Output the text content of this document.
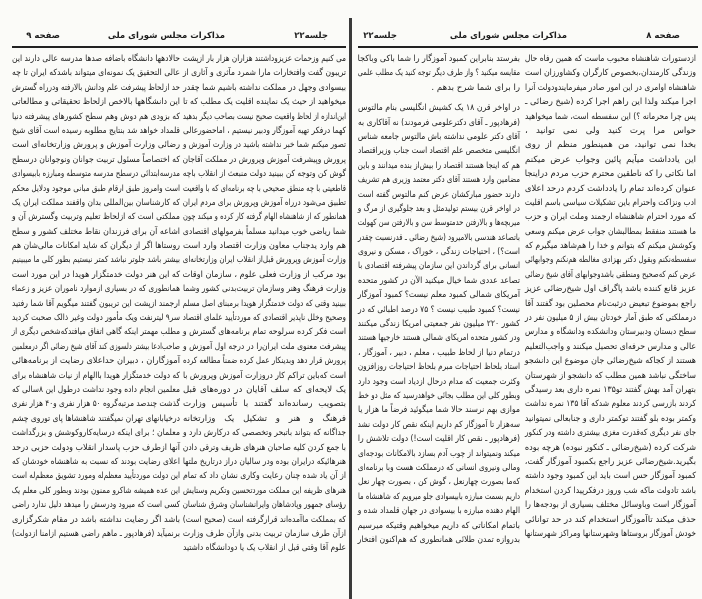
جلسه۲۲
مذاکرات مجلس شورای ملی
صفحه ۹
می کنیم وزحمات عزیزوداشتند هزاران هزار بار ازپشت
تریبون گفت وافتخارات مارا شمرد مآثری و آثاری از
بیسوادی وجهل در مملکت نداشته باشیم شما چقدر
میخواهید از حیث یک نماینده اقلیت یک مطلب که تا
این‌اندازه از لحاظ واقعیت صحیح نیست بصاحب دیگر بدهید
کهما درفکر تهیه آموزگار ودبیر نیستیم ، اماحضورعالی
تصور میکنم شما خبر نداشته باشید در وزارت آموزش و
پرورش وپیشرفت آموزش وپرورش در مملکت آقاجان
گوش کن وتوجه کن ببینید دولت منبعث از انقلاب باچه
قاطعیتی با چه منطق صحیحی با چه برنامه‌ای که با واقعیت
تطبیق می‌شود درراه آموزش وپرورش برای مردم ایران
همانطور که از شاهنشاه الهام گرفته کار کرده و میکند چون
شما ریاضی خوب میدانید مسلماً بفرمولهای اقتصادی
هم وارد یدجناب معاون وزارت اقتصاد وارد است
وزارت آموزش وپرورش قبل‌از انقلاب ایران وزارتخانه‌ای
بود مرکب از وزارت فعلی علوم ، سازمان اوقات
وزارت فرهنگ وهنر وسازمان تربیت‌بدنی کشور وشما
ببینید وقتی که دولت خدمتگزار هویدا برمبنای اصل مسلم
وصحیح وخلل ناپذیر اقتصادی که موردتأیید علمای اقتصاد
است فکر کرده سرلوحه تمام برنامه‌های گسترش و
پیشرفت معنوی ملت ایران‌را در درجه اول آموزش و
پرورش قرار دهد وبدینکار عمل کرده ضمناً مطالعه کرده
است که‌باین تراکم کار دروزارت آموزش وپرورش با
یک لایحه‌ای که سلف آقایان در دوره‌های قبل
بتصویب رسانده‌اند گفتند با تأسیس وزارت
فرهنگ و هنر و تشکیل یک وزارتخانه
جداگانه که بتواند باتبحر وتخصصی که درکارش دارد و
با جمع کردن کلیه صاحبان هنرهای ظریف وترقی دادن
هنرهائیکه درایران بوده ودر سالیان دراز درتاریخ ملتها
از آن یاد شده چنان رعایت وکاری نشان داد که تمام
هنرهای ظریفه این مملکت موردتحسین وتکریم وستایش
رؤسای جمهور وپادشاهان وایرانشناسان وشرق شناسان
که بمملکت ماآمده‌اند قرارگرفته است (صحیح است)
ازآن طرف سازمان تربیت بدنی وازآن طرف وزارت
علوم آقا وقتی قبل از انقلاب یک یا دودانشگاه داشتید
حالادهها دانشگاه باضافه صدها مدرسه عالی دارند این
عالی التحقیق یک نمونه‌ای میتواند باشدکه ایران تا چه
حد ازلحاظ پیشرفت علم ودانش بالارفته ودرراه گسترش
این دانشگاهها بالاخص ازلحاظ تحقیقاتی و مطالعاتی
که بزودی هم دوش وهم سطح کشورهای پیشرفته دنیا
قلمداد خواهد شد بنتایج مطلوبه رسیده است آقای شیخ
رضائی وزارت آموزش و پرورش وزارتخانه‌ای است
که اختصاصاً مسئول تربیت جوانان ونوجوانان درسطح
مدرسه‌ابتدائی درسطح مدرسه متوسطه ومبارزه بابیسوادی
است وامروز طبق ارقام طبق مبانی موجود ودلایل محکم
که کارشناسان بین‌المللی بدان واقفند مملکت ایران یک
مملکتی است که ازلحاظ تعلیم وتربیت وگسترش آن و
اشاعه آن برای فرزندان نقاط مختلف کشور و سطح
روستاها اگر از دیگران که شاید امکانات مالی‌شان هم
بیشتر باشد جلوتر نباشد کمتر نیستیم بطور کلی ما میبینیم
که این هنر دولت خدمتگزار هویدا در این مورد است
همانطوری که در بسیاری ازموارد ناموران عزیز و زعماء
ارجمند ازپشت این تریبون گفتند میگویم آقا شما رفتید
سر۹ لیترنفت ویک مأمور دولت وغیر ذالک صحبت کردید
مطلب مهمتر اینکه گاهی اتفاق میافتدکه‌شخص دیگری از
صاحب‌ادعا بیشتر دلسوزی کند آقای شیخ رضائی اگر درمعلمین
آموزگاران ، دبیران حداعلای رضایت از برنامه‌هائی
که دولت خدمتگزار هویدا باالهام از نیات شاهنشاه برای
معلمین انجام داده وجود نداشت درطول این ۸سالی که
گذشت چندصد مرتبه‌گروه ۵۰ هزار نفری و۴۰ هزار نفری
درخیابانهای تهران نمیگفتند شاهنشاها پای توروی چشم
معلمان ؛ برای اینکه درسایه‌کاروکوشش و بزرگداشت
آنها ازطرف حزب پاسدار انقلاب ودولت حزبی درحد
اعلای رضایت بودند که نسبت به شاهنشاه خودشان که
این دولت موردتأیید معظم‌له ومورد تشویق معظم‌له است
این عده همیشه شاکرو ممنون بودند وبطور کلی معلم یک
کسی است که میرود ودرسش را میدهد دلیل ندارد راضی
باشد اگر رضایت نداشته باشد در مقام شکرگزاری
برنمیآید (فرهادپور ـ ماهم راضی هستیم ازامنا ازدولت)
صفحه ۸
مذاکرات مجلس شورای ملی
جلسه۲۲
ازدستورات شاهنشاه محبوب ماست که همین رفاه حال
وزندگی کارمندان،بخصوص کارگران وکشاورزان است
شاهنشاه اوامری در این امور صادر میفرمایندودولت آنرا
اجرا میکند ولذا این راهم اجرا کرده (شیخ رضائی ـ
پس چرا محرمانه ؟) این سفسطه است، شما میخواهید
حواس مرا پرت کنید ولی نمی توانید ،
بخدا نمی توانید، من همینطور منظم از روی
این یادداشت میآیم پائین وجواب عرض میکنم
اما نکاتی را که ناطقین محترم حزب مردم دراینجا
عنوان کرده‌اند تمام را یادداشت کردم درحد اعلای
ادب ونزاکت واحترام باین تشکیلات سیاسی باسم اقلیت
که مورد احترام شاهنشاه ارجمند وملت ایران و حزب
ما هستند منفقط بمطالبشان جواب عرض میکنم وسعی
وکوشش میکنم که بتوانم و خدا را هم‌شاهد میگیرم که
سفسطه‌نکنم وبقول دکتر بهزادی مغالطه هم‌نکنم وجوابهائی
عرض کنم که‌صحیح ومنطقی باشدوجوابهای آقای شیخ رضائی
عزیز قانع کننده باشد پاگراف اول شیخ‌رضائی عزیز
راجع بموضوع تبعیض درثبت‌نام محصلین بود گفتند آقا
درمملکتی که طبق آمار خودتان بیش از ۵ میلیون نفر در
سطح دبستان ودبیرستان ودانشکده ودانشگاه و مدارس
عالی و مدارس حرفه‌ای تحصیل میکنند و واجب‌التعلیم
هستند از کجاکه شیخ‌رضائی جان موضوع این دانشجو
ساختگی نباشد همین مطلب که دانشجو از شهرستان
بتهران آمد بهش گفتند تو۱۳۵ نمره داری بعد رسیدگی
کردند بازرسی کردند معلوم شدکه آقا ۱۳۵ نمره نداشت
وکمتر بوده بلو گفتند توکمتر داری و جنابعالی نمیتوانید
جای نفر دیگری که‌قدرت مغزی بیشتری داشته ودر کنکور
شرکت کرده (شیخ‌رضائی ـ کنکور نبوده) هرچه بوده
بگیرید.شیخ‌رضائی عزیز راجع بکمبود آموزگار گفت،
کمبود آموزگار حس است باید این کمبود وجود داشته
باشد تادولت ماکه شب وروز درفکرپیدا کردن استخدام
آموزگار است وباوسائل مختلف بسیاری از بودجه‌ها را
حذف میکند تاآموزگار استخدام کند در حد توانائی
خودش آموزگار بروستاها وشهرستانها ومراکز شهرستانها
بفرستد بنابراین کمبود آموزگار را شما باکی وباکجا
مقایسه میکنید ؟ واز طرف دیگر توجه کنید یک مطلب علمی
را برای شما شرح بدهم .
در اواخر قرن ۱۸ یک کشیش انگلیسی بنام مالتوس
(فرهادپور ـ آقای دکترعلومی فرمودند) نه آقاکاری به
آقای دکتر علومی نداشته باش مالتوس جامعه شناس
انگلیسی متخصص علم اقتصاد است جناب وزیراقتصاد
هم که اینجا هستند اقتصاد را بیش‌از بنده میدانند و باین
مضامین وارد هستند آقای دکتر معتمد وزیری هم تشریف
دارند حضور مبارکشان عرض کنم مالتوس گفته است
در اواخر قرن بیستم تولیدمثل و بعد جلوگیری از مرگ و
میربچه‌ها و بالارفتن حدمتوسط سن و بالارفتن سن کهولت
باتصاعد هندسی بالامیرود (شیخ رضائی ـ قدرنسبت چقدر
است؟) ، احتیاجات زندگی ، خوراک ، مسکن و نیروی
انسانی برای گرداندن این سازمان پیشرفته اقتصادی با
تصاعد عددی شما خیال میکنید الآن در کشور متحده
آمریکای شمالی کمبود معلم نیست؟ کمبود آموزگار
نیست؟ کمبود طبیب نیست ؟ ۷۵ درصد اطبائی که در
کشور ۲۲۰ میلیون نفر جمعیتی امریکا زندگی میکنند
ودر کشور متحده امریکای شمالی هستند خارجیها هستند
درتمام دنیا از لحاظ طبیب ، معلم ، دبیر ، آموزگار ،
استاد بلحاظ احتیاجات مبرم بلحاظ احتیاجات روزافزون
وکثرت جمعیت که مدام درحال ازدیاد است وجود دارد
وبطور کلی این مطلب بجائی خواهدرسید که مثل دو خط
موازی بهم نرسند حالا شما میگوئید فرضاً ما هزار یا
سه‌هزار تا آموزگار کم داریم اینکه نقص کار دولت نشد
(فرهادپور ـ نقص کار اقلیت است!) دولت تلاشش را
میکند ونمیتواند از چوب آدم بسازد بالامکانات بودجه‌ای
ومالی ونیروی انسانی که درمملکت هست وبا برنامه‌ای
که‌ما بصورت چهارنعل ، گوش کن ، بصورت چهار نعل
داریم بسمت مبارزه بابیسوادی جلو میرویم که شاهنشاه ما
الهام دهنده مبارزه با بیسوادی در جهان قلمداد شده و
باتمام امکاناتی که داریم میخواهیم وقتیکه میرسیم
بدروازه تمدن طلائی همانطوری که هم‌اکنون افتخار
